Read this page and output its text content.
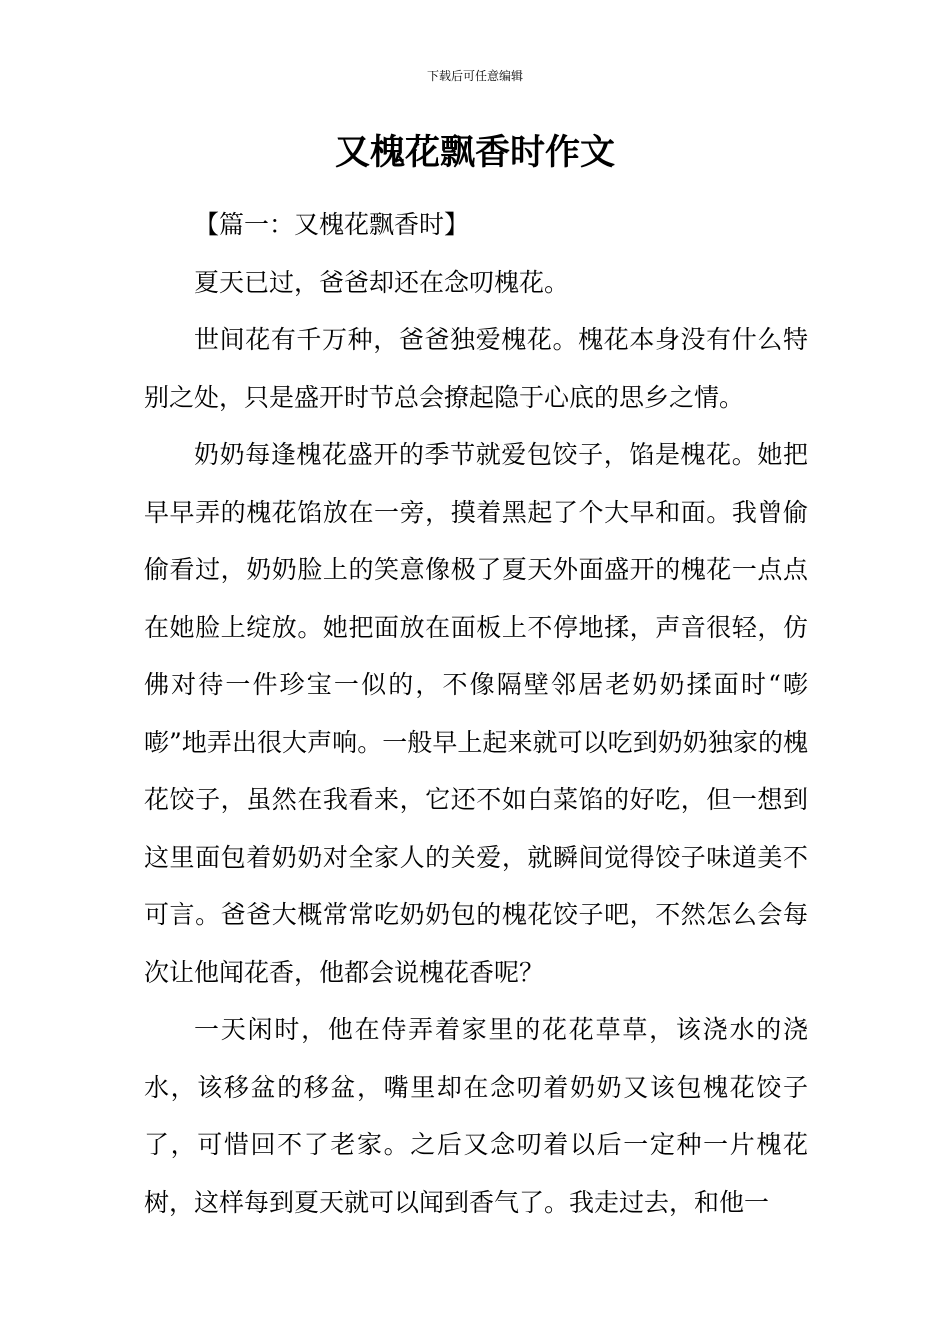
下载后可任意编辑
又槐花飘香时作文

【篇一：又槐花飘香时】

夏天已过，爸爸却还在念叨槐花。

世间花有千万种，爸爸独爱槐花。槐花本身没有什么特别之处，只是盛开时节总会撩起隐于心底的思乡之情。

奶奶每逢槐花盛开的季节就爱包饺子，馅是槐花。她把早早弄的槐花馅放在一旁，摸着黑起了个大早和面。我曾偷偷看过，奶奶脸上的笑意像极了夏天外面盛开的槐花一点点在她脸上绽放。她把面放在面板上不停地揉，声音很轻，仿佛对待一件珍宝一似的，不像隔壁邻居老奶奶揉面时“嘭嘭”地弄出很大声响。一般早上起来就可以吃到奶奶独家的槐花饺子，虽然在我看来，它还不如白菜馅的好吃，但一想到这里面包着奶奶对全家人的关爱，就瞬间觉得饺子味道美不可言。爸爸大概常常吃奶奶包的槐花饺子吧，不然怎么会每次让他闻花香，他都会说槐花香呢？

一天闲时，他在侍弄着家里的花花草草，该浇水的浇水，该移盆的移盆，嘴里却在念叨着奶奶又该包槐花饺子了，可惜回不了老家。之后又念叨着以后一定种一片槐花树，这样每到夏天就可以闻到香气了。我走过去，和他一
